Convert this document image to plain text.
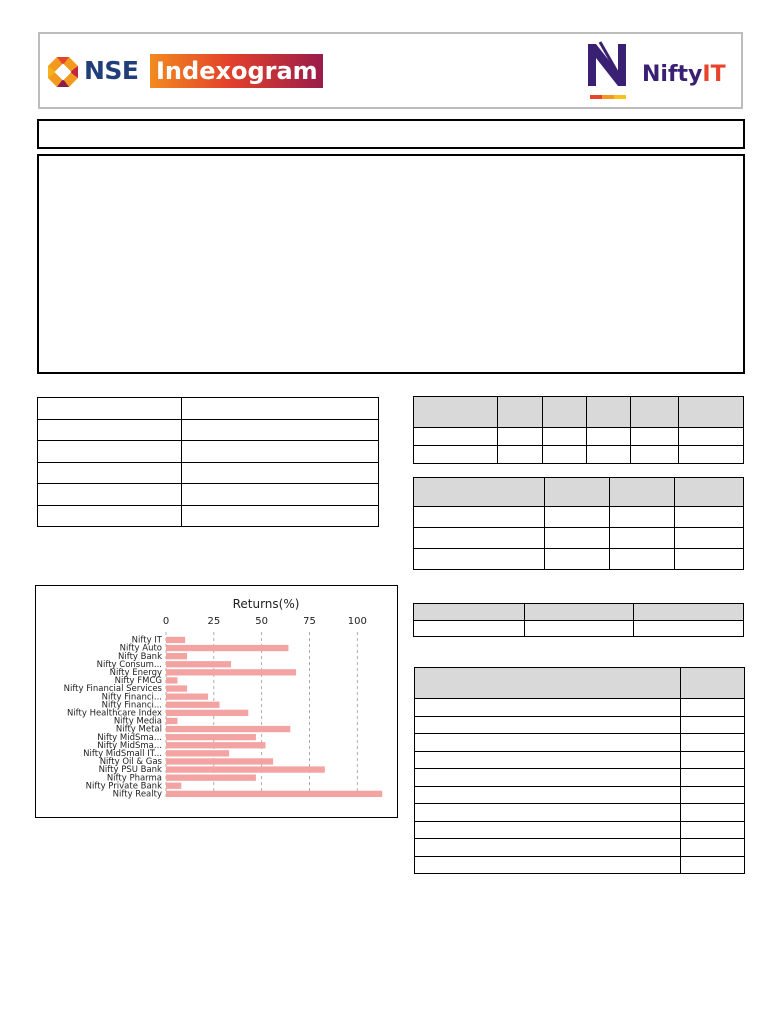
NSE Indexogram	NiftyIT

Returns(%)
0	25	50	75	100
Nifty IT
Nifty Auto
Nifty Bank
Nifty Consum...
Nifty Energy
Nifty FMCG
Nifty Financial Services
Nifty Financi...
Nifty Financi...
Nifty Healthcare Index
Nifty Media
Nifty Metal
Nifty MidSma...
Nifty MidSma...
Nifty MidSmall IT...
Nifty Oil & Gas
Nifty PSU Bank
Nifty Pharma
Nifty Private Bank
Nifty Realty
